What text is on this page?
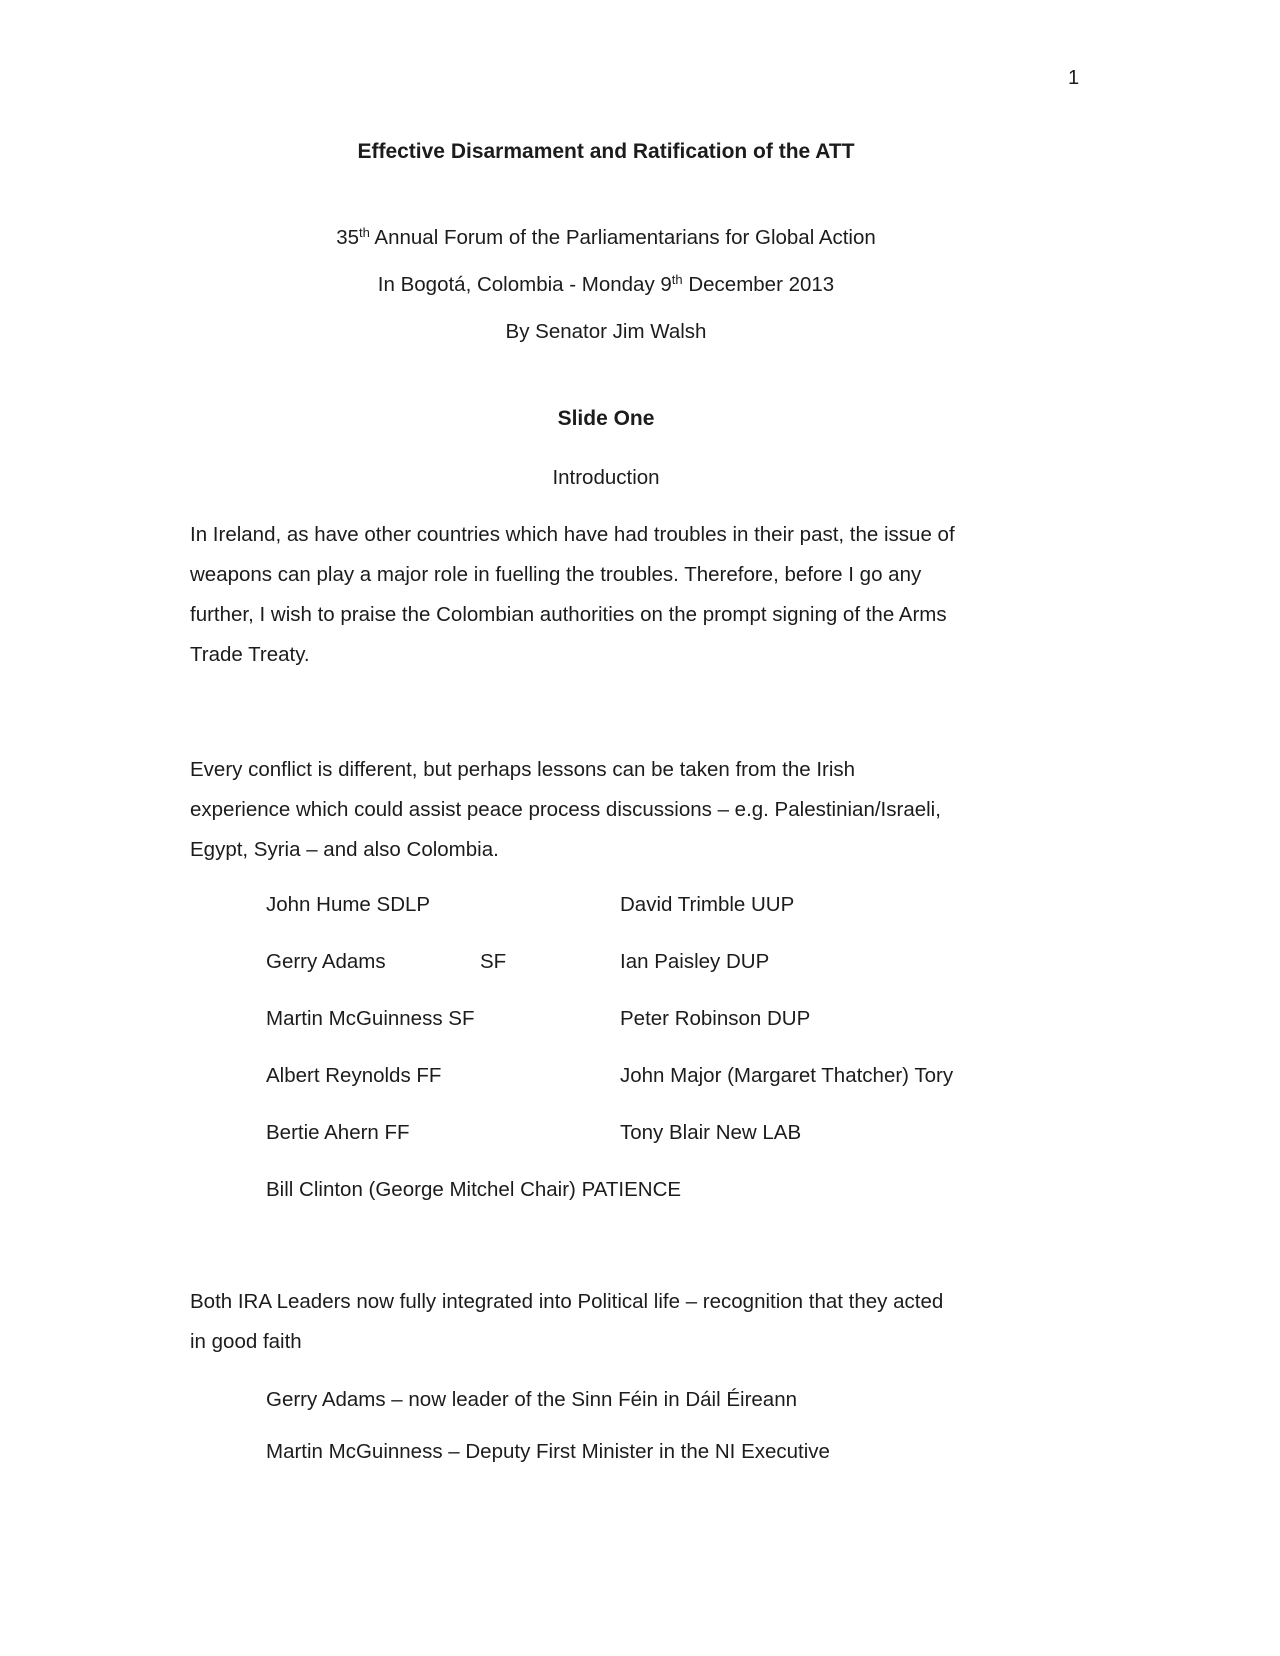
1
Effective Disarmament and Ratification of the ATT
35th Annual Forum of the Parliamentarians for Global Action
In Bogotá, Colombia - Monday 9th December 2013
By Senator Jim Walsh
Slide One
Introduction
In Ireland, as have other countries which have had troubles in their past, the issue of
weapons can play a major role in fuelling the troubles. Therefore, before I go any
further, I wish to praise the Colombian authorities on the prompt signing of the Arms
Trade Treaty.
Every conflict is different, but perhaps lessons can be taken from the Irish
experience which could assist peace process discussions – e.g. Palestinian/Israeli,
Egypt, Syria – and also Colombia.
John Hume SDLP	David Trimble UUP
Gerry Adams	SF	Ian Paisley DUP
Martin McGuinness SF	Peter Robinson DUP
Albert Reynolds FF	John Major (Margaret Thatcher) Tory
Bertie Ahern FF	Tony Blair New LAB
Bill Clinton (George Mitchel Chair) PATIENCE
Both IRA Leaders now fully integrated into Political life – recognition that they acted
in good faith
Gerry Adams – now leader of the Sinn Féin in Dáil Éireann
Martin McGuinness – Deputy First Minister in the NI Executive
